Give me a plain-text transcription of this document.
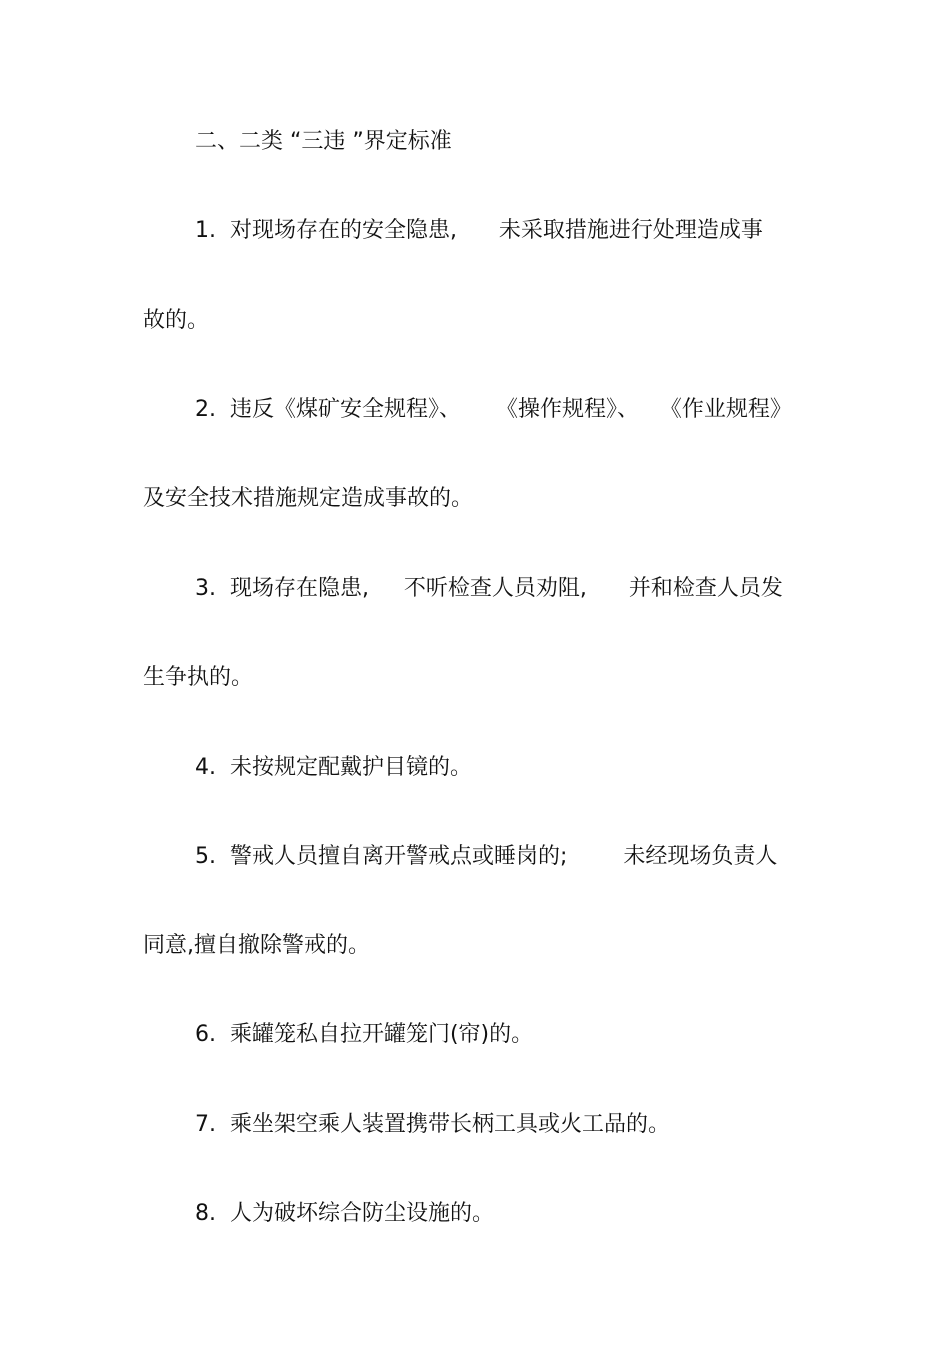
二、二类 “三违 ”界定标准
1.  对现场存在的安全隐患,      未采取措施进行处理造成事
故的。
2.  违反《煤矿安全规程》、     《操作规程》、   《作业规程》
及安全技术措施规定造成事故的。
3.  现场存在隐患,     不听检查人员劝阻,      并和检查人员发
生争执的。
4.  未按规定配戴护目镜的。
5.  警戒人员擅自离开警戒点或睡岗的;        未经现场负责人
同意,擅自撤除警戒的。
6.  乘罐笼私自拉开罐笼门(帘)的。
7.  乘坐架空乘人装置携带长柄工具或火工品的。
8.  人为破坏综合防尘设施的。
